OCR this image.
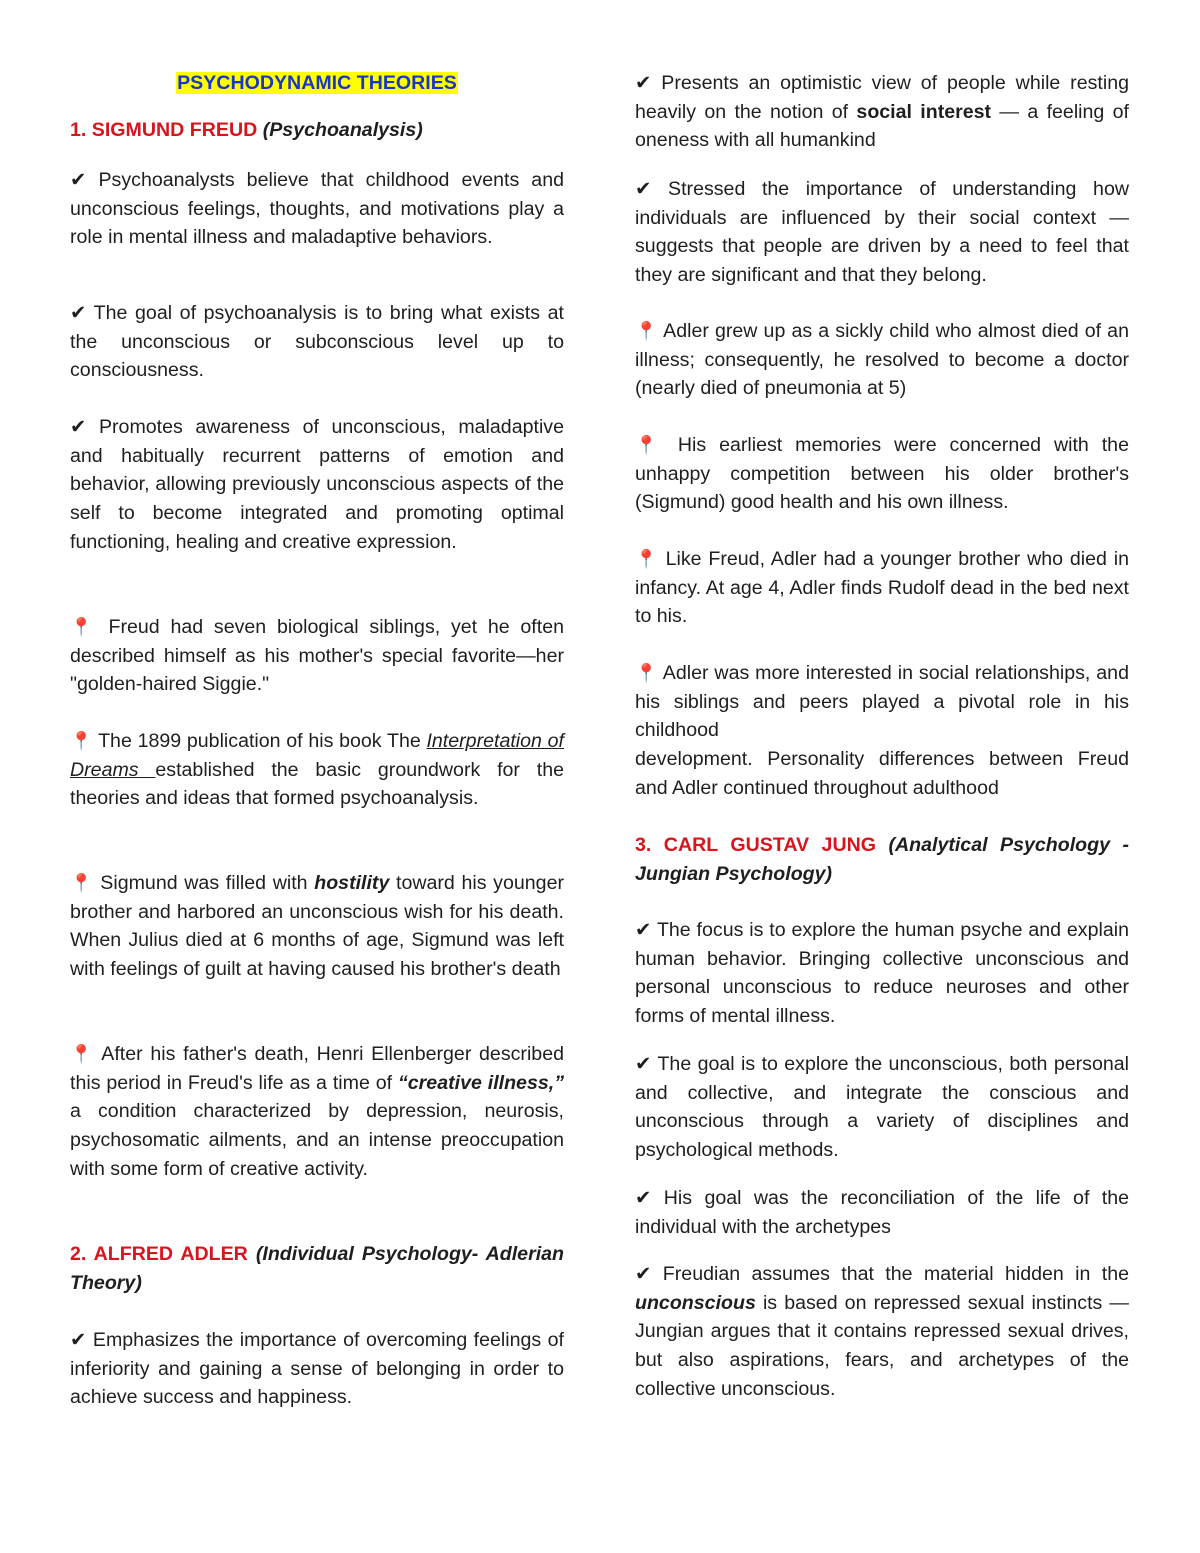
PSYCHODYNAMIC THEORIES

1. SIGMUND FREUD (Psychoanalysis)

✔ Psychoanalysts believe that childhood events and unconscious feelings, thoughts, and motivations play a role in mental illness and maladaptive behaviors.

✔ The goal of psychoanalysis is to bring what exists at the unconscious or subconscious level up to consciousness.

✔ Promotes awareness of unconscious, maladaptive and habitually recurrent patterns of emotion and behavior, allowing previously unconscious aspects of the self to become integrated and promoting optimal functioning, healing and creative expression.

📍 Freud had seven biological siblings, yet he often described himself as his mother's special favorite—her "golden-haired Siggie."

📍 The 1899 publication of his book The Interpretation of Dreams established the basic groundwork for the theories and ideas that formed psychoanalysis.

📍 Sigmund was filled with hostility toward his younger brother and harbored an unconscious wish for his death. When Julius died at 6 months of age, Sigmund was left with feelings of guilt at having caused his brother's death

📍 After his father's death, Henri Ellenberger described this period in Freud's life as a time of “creative illness,” a condition characterized by depression, neurosis, psychosomatic ailments, and an intense preoccupation with some form of creative activity.

2. ALFRED ADLER (Individual Psychology- Adlerian Theory)

✔ Emphasizes the importance of overcoming feelings of inferiority and gaining a sense of belonging in order to achieve success and happiness.

✔ Presents an optimistic view of people while resting heavily on the notion of social interest — a feeling of oneness with all humankind

✔ Stressed the importance of understanding how individuals are influenced by their social context — suggests that people are driven by a need to feel that they are significant and that they belong.

📍 Adler grew up as a sickly child who almost died of an illness; consequently, he resolved to become a doctor (nearly died of pneumonia at 5)

📍 His earliest memories were concerned with the unhappy competition between his older brother's (Sigmund) good health and his own illness.

📍 Like Freud, Adler had a younger brother who died in infancy. At age 4, Adler finds Rudolf dead in the bed next to his.

📍 Adler was more interested in social relationships, and his siblings and peers played a pivotal role in his childhood
development. Personality differences between Freud and Adler continued throughout adulthood

3. CARL GUSTAV JUNG (Analytical Psychology - Jungian Psychology)

✔ The focus is to explore the human psyche and explain human behavior. Bringing collective unconscious and personal unconscious to reduce neuroses and other forms of mental illness.

✔ The goal is to explore the unconscious, both personal and collective, and integrate the conscious and unconscious through a variety of disciplines and psychological methods.

✔ His goal was the reconciliation of the life of the individual with the archetypes

✔ Freudian assumes that the material hidden in the unconscious is based on repressed sexual instincts — Jungian argues that it contains repressed sexual drives, but also aspirations, fears, and archetypes of the collective unconscious.
